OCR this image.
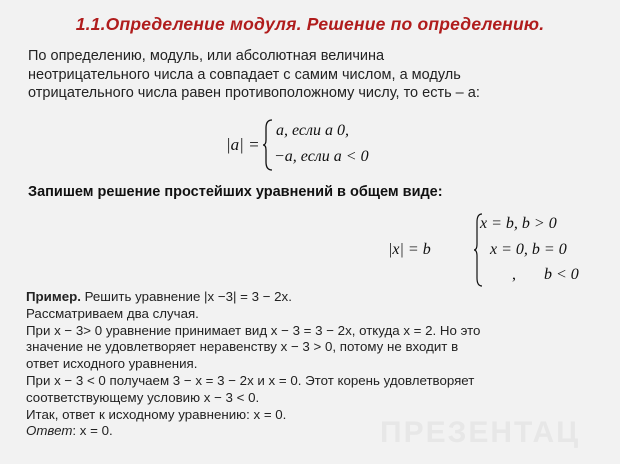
1.1.Определение модуля. Решение по определению.
По определению, модуль, или абсолютная величина
неотрицательного числа а совпадает с самим числом, а модуль
отрицательного числа равен противоположному числу, то есть – а:
|a| =
a, если a 0,
−a, если a < 0
Запишем решение простейших уравнений в общем виде:
x = b, b > 0
|x| = b	x = 0, b = 0
, b < 0
Пример. Решить уравнение |x −3| = 3 − 2x.
Рассматриваем два случая.
При x − 3> 0 уравнение принимает вид x − 3 = 3 − 2x, откуда x = 2. Но это
значение не удовлетворяет неравенству x − 3 > 0, потому не входит в
ответ исходного уравнения.
При x − 3 < 0 получаем 3 − x = 3 − 2x и x = 0. Этот корень удовлетворяет
соответствующему условию x − 3 < 0.
Итак, ответ к исходному уравнению: x = 0.
Ответ: x = 0.	ПРЕЗЕНТАЦ
